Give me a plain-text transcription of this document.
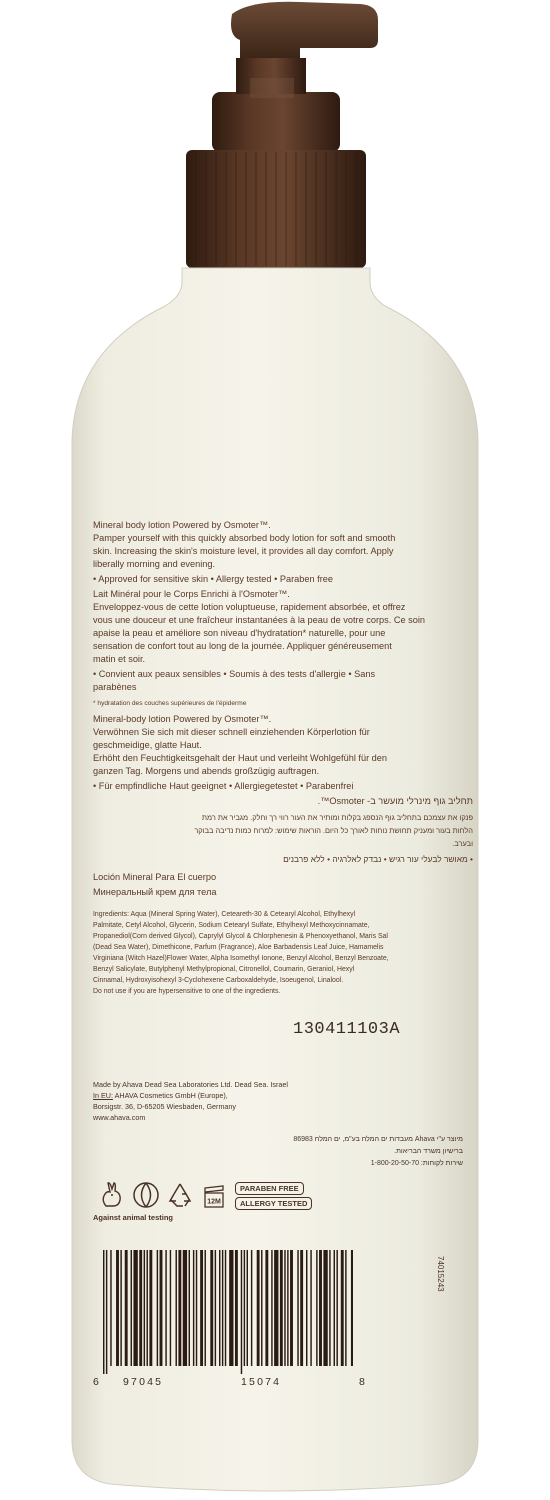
Mineral body lotion Powered by Osmoter™.
Pamper yourself with this quickly absorbed body lotion for soft and smooth
skin. Increasing the skin's moisture level, it provides all day comfort. Apply
liberally morning and evening.
• Approved for sensitive skin • Allergy tested • Paraben free
Lait Minéral pour le Corps Enrichi à l'Osmoter™.
Enveloppez-vous de cette lotion voluptueuse, rapidement absorbée, et offrez
vous une douceur et une fraîcheur instantanées à la peau de votre corps. Ce soin
apaise la peau et améliore son niveau d'hydratation* naturelle, pour une
sensation de confort tout au long de la journée. Appliquer généreusement
matin et soir.
• Convient aux peaux sensibles • Soumis à des tests d'allergie • Sans
parabènes
* hydratation des couches supérieures de l'épiderme
Mineral-body lotion Powered by Osmoter™.
Verwöhnen Sie sich mit dieser schnell einziehenden Körperlotion für
geschmeidige, glatte Haut.
Erhöht den Feuchtigkeitsgehalt der Haut und verleiht Wohlgefühl für den
ganzen Tag. Morgens und abends großzügig auftragen.
• Für empfindliche Haut geeignet • Allergiegetestet • Parabenfrei
תחליב גוף מינרלי מועשר ב- Osmoter™.
פנקו את עצמכם בתחליב גוף הנספג בקלות ומותיר את העור רווי רך וחלק. מגביר את רמת
הלחות בעור ומעניק תחושת נוחות לאורך כל היום. הוראות שימוש: למרוח כמות נדיבה בבוקר
ובערב.
• מאושר לבעלי עור רגיש • נבדק לאלרגיה • ללא פרבנים
Loción Mineral Para El cuerpo
Минеральный крем для тела
Ingredients: Aqua (Mineral Spring Water), Ceteareth-30 & Cetearyl Alcohol, Ethylhexyl
Palmitate, Cetyl Alcohol, Glycerin, Sodium Cetearyl Sulfate, Ethylhexyl Methoxycinnamate,
Propanediol(Corn derived Glycol), Caprylyl Glycol & Chlorphenesin & Phenoxyethanol, Maris Sal
(Dead Sea Water), Dimethicone, Parfum (Fragrance), Aloe Barbadensis Leaf Juice, Hamamelis
Virginiana (Witch Hazel)Flower Water, Alpha Isomethyl Ionone, Benzyl Alcohol, Benzyl Benzoate,
Benzyl Salicylate, Butylphenyl Methylpropional, Citronellol, Coumarin, Geraniol, Hexyl
Cinnamal, Hydroxyisohexyl 3-Cyclohexene Carboxaldehyde, Isoeugenol, Linalool.
Do not use if you are hypersensitive to one of the ingredients.
130411103A
Made by Ahava Dead Sea Laboratories Ltd. Dead Sea. Israel
In EU: AHAVA Cosmetics GmbH (Europe),
Borsigstr. 36, D-65205 Wiesbaden, Germany
www.ahava.com
מיוצר ע"י Ahava מעבדות ים המלח בע"מ, ים המלח 86983
ברישיון משרד הבריאות.
שירות לקוחות: 1-800-20-50-70
12M
PARABEN FREE
ALLERGY TESTED
Against animal testing
6 97045	15074	8
74015243
